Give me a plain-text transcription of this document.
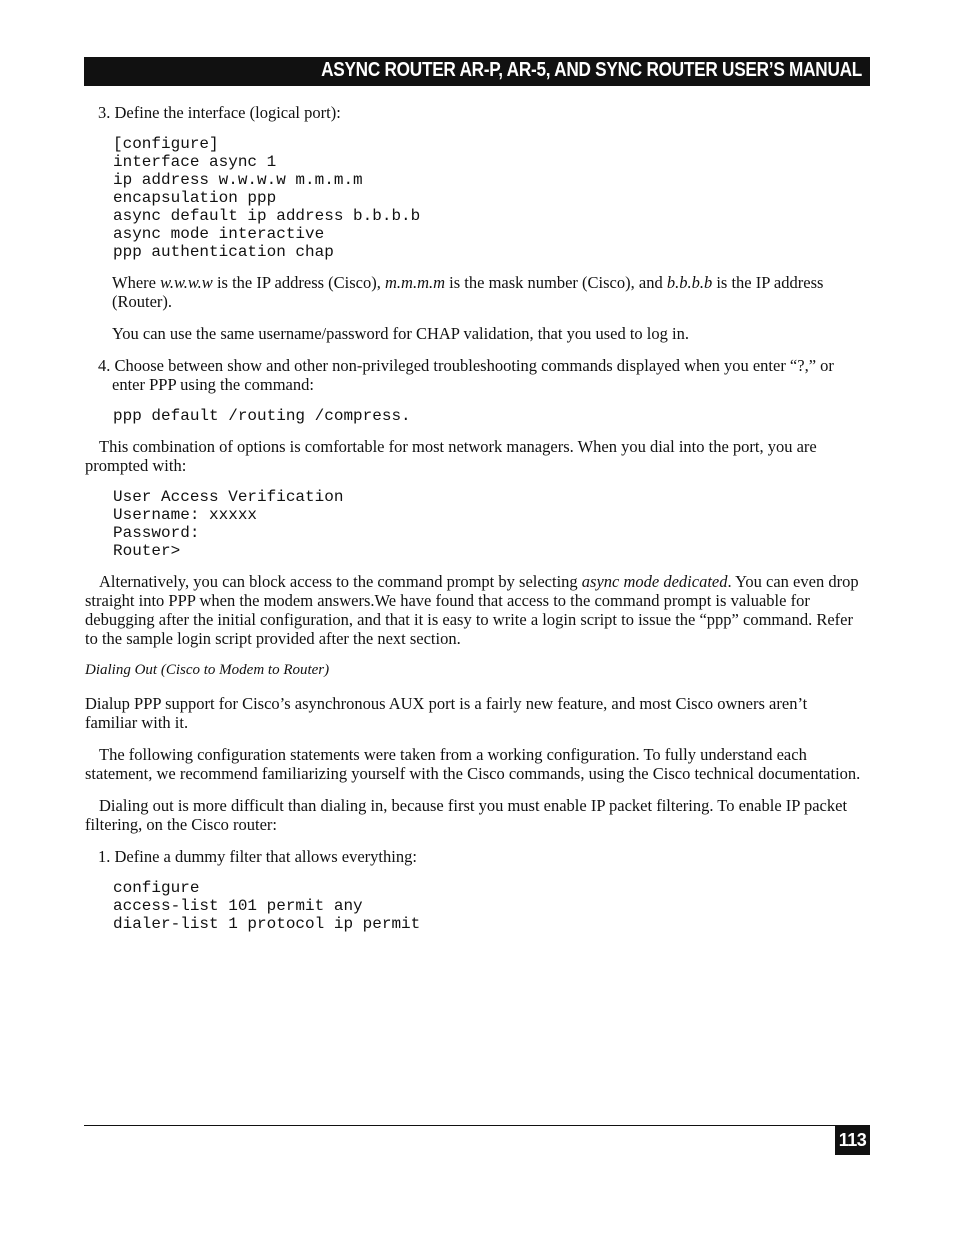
ASYNC ROUTER AR-P, AR-5, AND SYNC ROUTER USER’S MANUAL

3. Define the interface (logical port):

[configure]
interface async 1
ip address w.w.w.w m.m.m.m
encapsulation ppp
async default ip address b.b.b.b
async mode interactive
ppp authentication chap

Where w.w.w.w is the IP address (Cisco), m.m.m.m is the mask number (Cisco), and b.b.b.b is the IP address (Router).

You can use the same username/password for CHAP validation, that you used to log in.

4. Choose between show and other non-privileged troubleshooting commands displayed when you enter “?,” or enter PPP using the command:

ppp default /routing /compress.

This combination of options is comfortable for most network managers. When you dial into the port, you are prompted with:

User Access Verification
Username: xxxxx
Password:
Router>

Alternatively, you can block access to the command prompt by selecting async mode dedicated. You can even drop straight into PPP when the modem answers.We have found that access to the command prompt is valuable for debugging after the initial configuration, and that it is easy to write a login script to issue the “ppp” command. Refer to the sample login script provided after the next section.

Dialing Out (Cisco to Modem to Router)

Dialup PPP support for Cisco’s asynchronous AUX port is a fairly new feature, and most Cisco owners aren’t familiar with it.

The following configuration statements were taken from a working configuration. To fully understand each statement, we recommend familiarizing yourself with the Cisco commands, using the Cisco technical documentation.

Dialing out is more difficult than dialing in, because first you must enable IP packet filtering. To enable IP packet filtering, on the Cisco router:

1. Define a dummy filter that allows everything:

configure
access-list 101 permit any
dialer-list 1 protocol ip permit
113
